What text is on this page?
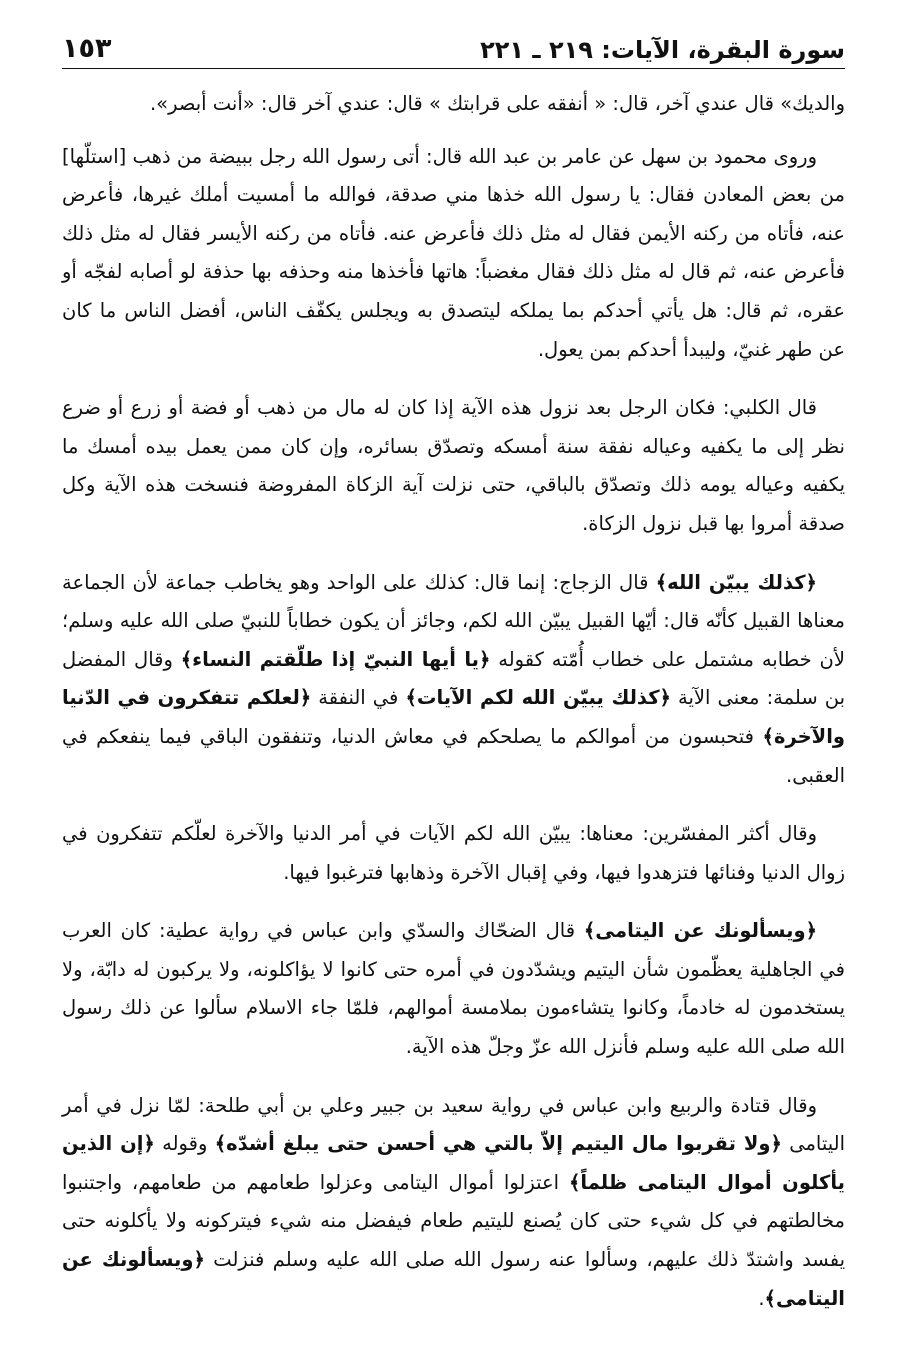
سورة البقرة، الآيات: ٢١٩ ـ ٢٢١
١٥٣

والديك» قال عندي آخر، قال: « أنفقه على قرابتك » قال: عندي آخر قال: «أنت أبصر».

وروى محمود بن سهل عن عامر بن عبد الله قال: أتى رسول الله رجل ببيضة من ذهب [استلّها] من بعض المعادن فقال: يا رسول الله خذها مني صدقة، فوالله ما أمسيت أملك غيرها، فأعرض عنه، فأتاه من ركنه الأيمن فقال له مثل ذلك فأعرض عنه. فأتاه من ركنه الأيسر فقال له مثل ذلك فأعرض عنه، ثم قال له مثل ذلك فقال مغضباً: هاتها فأخذها منه وحذفه بها حذفة لو أصابه لفجّه أو عقره، ثم قال: هل يأتي أحدكم بما يملكه ليتصدق به ويجلس يكفّف الناس، أفضل الناس ما كان عن طهر غنيّ، وليبدأ أحدكم بمن يعول.

قال الكلبي: فكان الرجل بعد نزول هذه الآية إذا كان له مال من ذهب أو فضة أو زرع أو ضرع نظر إلى ما يكفيه وعياله نفقة سنة أمسكه وتصدّق بسائره، وإن كان ممن يعمل بيده أمسك ما يكفيه وعياله يومه ذلك وتصدّق بالباقي، حتى نزلت آية الزكاة المفروضة فنسخت هذه الآية وكل صدقة أمروا بها قبل نزول الزكاة.

﴿كذلك يبيّن الله﴾ قال الزجاج: إنما قال: كذلك على الواحد وهو يخاطب جماعة لأن الجماعة معناها القبيل كأنّه قال: أيّها القبيل يبيّن الله لكم، وجائز أن يكون خطاباً للنبيّ صلى الله عليه وسلم؛ لأن خطابه مشتمل على خطاب أُمّته كقوله ﴿يا أيها النبيّ إذا طلّقتم النساء﴾ وقال المفضل بن سلمة: معنى الآية ﴿كذلك يبيّن الله لكم الآيات﴾ في النفقة ﴿لعلكم تتفكرون في الدّنيا والآخرة﴾ فتحبسون من أموالكم ما يصلحكم في معاش الدنيا، وتنفقون الباقي فيما ينفعكم في العقبى.

وقال أكثر المفسّرين: معناها: يبيّن الله لكم الآيات في أمر الدنيا والآخرة لعلّكم تتفكرون في زوال الدنيا وفنائها فتزهدوا فيها، وفي إقبال الآخرة وذهابها فترغبوا فيها.

﴿ويسألونك عن اليتامى﴾ قال الضحّاك والسدّي وابن عباس في رواية عطية: كان العرب في الجاهلية يعظّمون شأن اليتيم ويشدّدون في أمره حتى كانوا لا يؤاكلونه، ولا يركبون له دابّة، ولا يستخدمون له خادماً، وكانوا يتشاءمون بملامسة أموالهم، فلمّا جاء الاسلام سألوا عن ذلك رسول الله صلى الله عليه وسلم فأنزل الله عزّ وجلّ هذه الآية.

وقال قتادة والربيع وابن عباس في رواية سعيد بن جبير وعلي بن أبي طلحة: لمّا نزل في أمر اليتامى ﴿ولا تقربوا مال اليتيم إلاّ بالتي هي أحسن حتى يبلغ أشدّه﴾ وقوله ﴿إن الذين يأكلون أموال اليتامى ظلماً﴾ اعتزلوا أموال اليتامى وعزلوا طعامهم من طعامهم، واجتنبوا مخالطتهم في كل شيء حتى كان يُصنع لليتيم طعام فيفضل منه شيء فيتركونه ولا يأكلونه حتى يفسد واشتدّ ذلك عليهم، وسألوا عنه رسول الله صلى الله عليه وسلم فنزلت ﴿ويسألونك عن اليتامى﴾.
